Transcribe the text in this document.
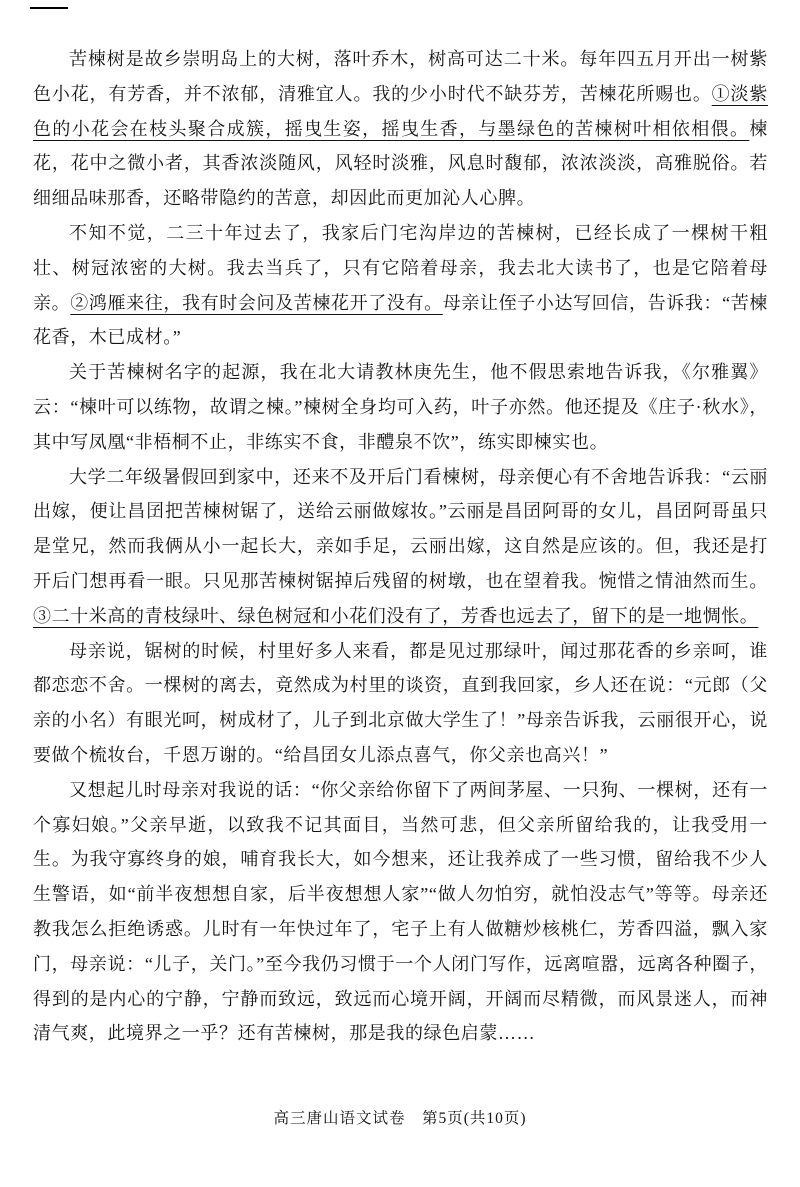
苦楝树是故乡崇明岛上的大树，落叶乔木，树高可达二十米。每年四五月开出一树紫色小花，有芳香，并不浓郁，清雅宜人。我的少小时代不缺芬芳，苦楝花所赐也。①淡紫色的小花会在枝头聚合成簇，摇曳生姿，摇曳生香，与墨绿色的苦楝树叶相依相偎。楝花，花中之微小者，其香浓淡随风，风轻时淡雅，风息时馥郁，浓浓淡淡，高雅脱俗。若细细品味那香，还略带隐约的苦意，却因此而更加沁人心脾。

不知不觉，二三十年过去了，我家后门宅沟岸边的苦楝树，已经长成了一棵树干粗壮、树冠浓密的大树。我去当兵了，只有它陪着母亲，我去北大读书了，也是它陪着母亲。②鸿雁来往，我有时会问及苦楝花开了没有。母亲让侄子小达写回信，告诉我：“苦楝花香，木已成材。”

关于苦楝树名字的起源，我在北大请教林庚先生，他不假思索地告诉我，《尔雅翼》云：“楝叶可以练物，故谓之楝。”楝树全身均可入药，叶子亦然。他还提及《庄子·秋水》，其中写凤凰“非梧桐不止，非练实不食，非醴泉不饮”，练实即楝实也。

大学二年级暑假回到家中，还来不及开后门看楝树，母亲便心有不舍地告诉我：“云丽出嫁，便让昌囝把苦楝树锯了，送给云丽做嫁妆。”云丽是昌囝阿哥的女儿，昌囝阿哥虽只是堂兄，然而我俩从小一起长大，亲如手足，云丽出嫁，这自然是应该的。但，我还是打开后门想再看一眼。只见那苦楝树锯掉后残留的树墩，也在望着我。惋惜之情油然而生。③二十米高的青枝绿叶、绿色树冠和小花们没有了，芳香也远去了，留下的是一地惆怅。

母亲说，锯树的时候，村里好多人来看，都是见过那绿叶，闻过那花香的乡亲呵，谁都恋恋不舍。一棵树的离去，竟然成为村里的谈资，直到我回家，乡人还在说：“元郎（父亲的小名）有眼光呵，树成材了，儿子到北京做大学生了！”母亲告诉我，云丽很开心，说要做个梳妆台，千恩万谢的。“给昌囝女儿添点喜气，你父亲也高兴！”

又想起儿时母亲对我说的话：“你父亲给你留下了两间茅屋、一只狗、一棵树，还有一个寡妇娘。”父亲早逝，以致我不记其面目，当然可悲，但父亲所留给我的，让我受用一生。为我守寡终身的娘，哺育我长大，如今想来，还让我养成了一些习惯，留给我不少人生警语，如“前半夜想想自家，后半夜想想人家”“做人勿怕穷，就怕没志气”等等。母亲还教我怎么拒绝诱惑。儿时有一年快过年了，宅子上有人做糖炒核桃仁，芳香四溢，飘入家门，母亲说：“儿子，关门。”至今我仍习惯于一个人闭门写作，远离喧嚣，远离各种圈子，得到的是内心的宁静，宁静而致远，致远而心境开阔，开阔而尽精微，而风景迷人，而神清气爽，此境界之一乎？还有苦楝树，那是我的绿色启蒙……

高三唐山语文试卷　第5页(共10页)
